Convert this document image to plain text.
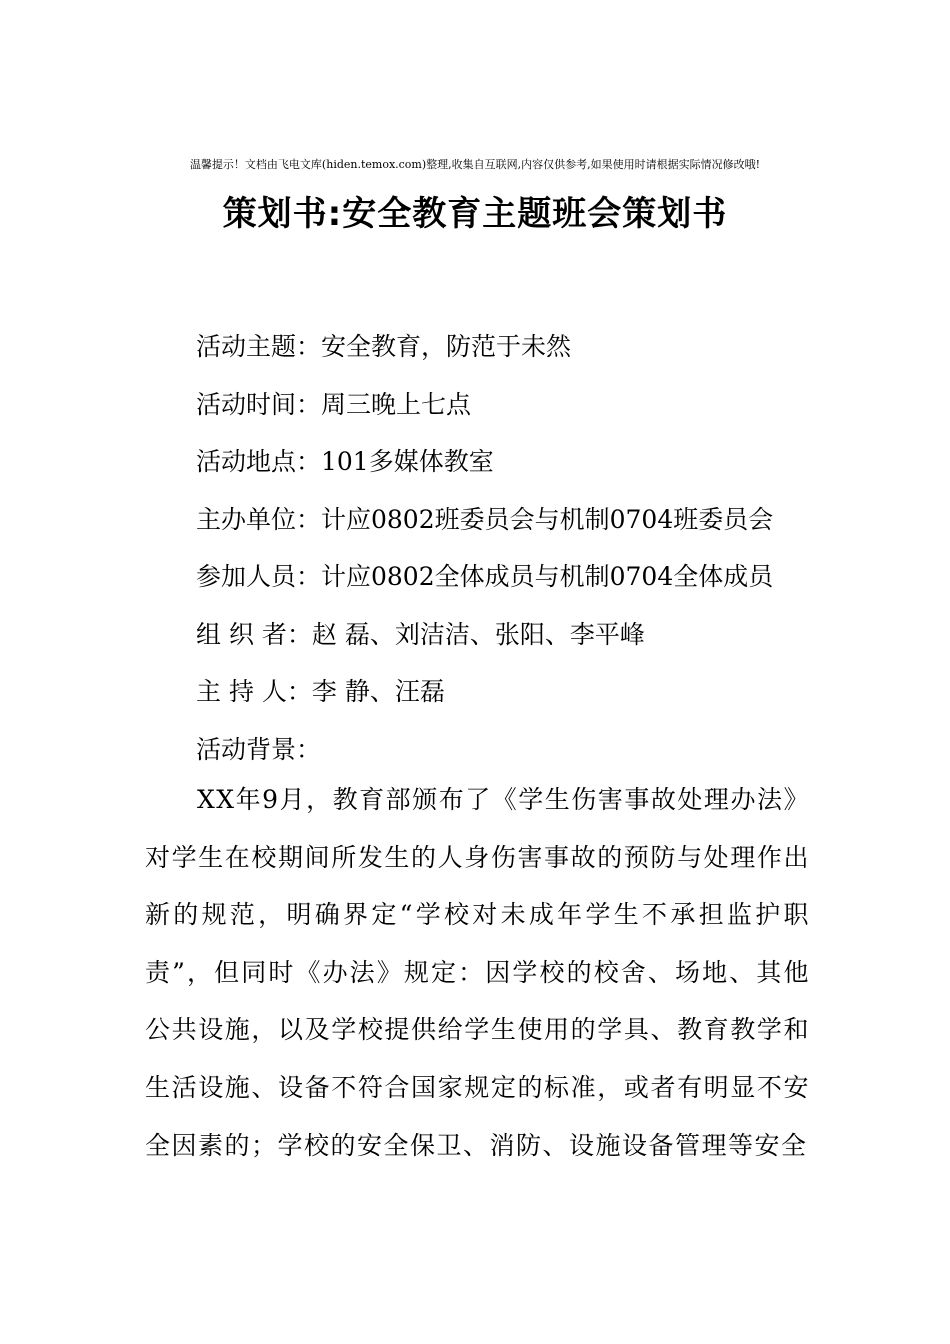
温馨提示！文档由飞电文库(hiden.temox.com)整理,收集自互联网,内容仅供参考,如果使用时请根据实际情况修改哦!
策划书:安全教育主题班会策划书
活动主题：安全教育，防范于未然
活动时间：周三晚上七点
活动地点：101多媒体教室
主办单位：计应0802班委员会与机制0704班委员会
参加人员：计应0802全体成员与机制0704全体成员
组 织 者：赵 磊、刘洁洁、张阳、李平峰
主 持 人：李 静、汪磊
活动背景：

XX年9月，教育部颁布了《学生伤害事故处理办法》对学生在校期间所发生的人身伤害事故的预防与处理作出新的规范，明确界定“学校对未成年学生不承担监护职责”，但同时《办法》规定：因学校的校舍、场地、其他公共设施，以及学校提供给学生使用的学具、教育教学和生活设施、设备不符合国家规定的标准，或者有明显不安全因素的；学校的安全保卫、消防、设施设备管理等安全
